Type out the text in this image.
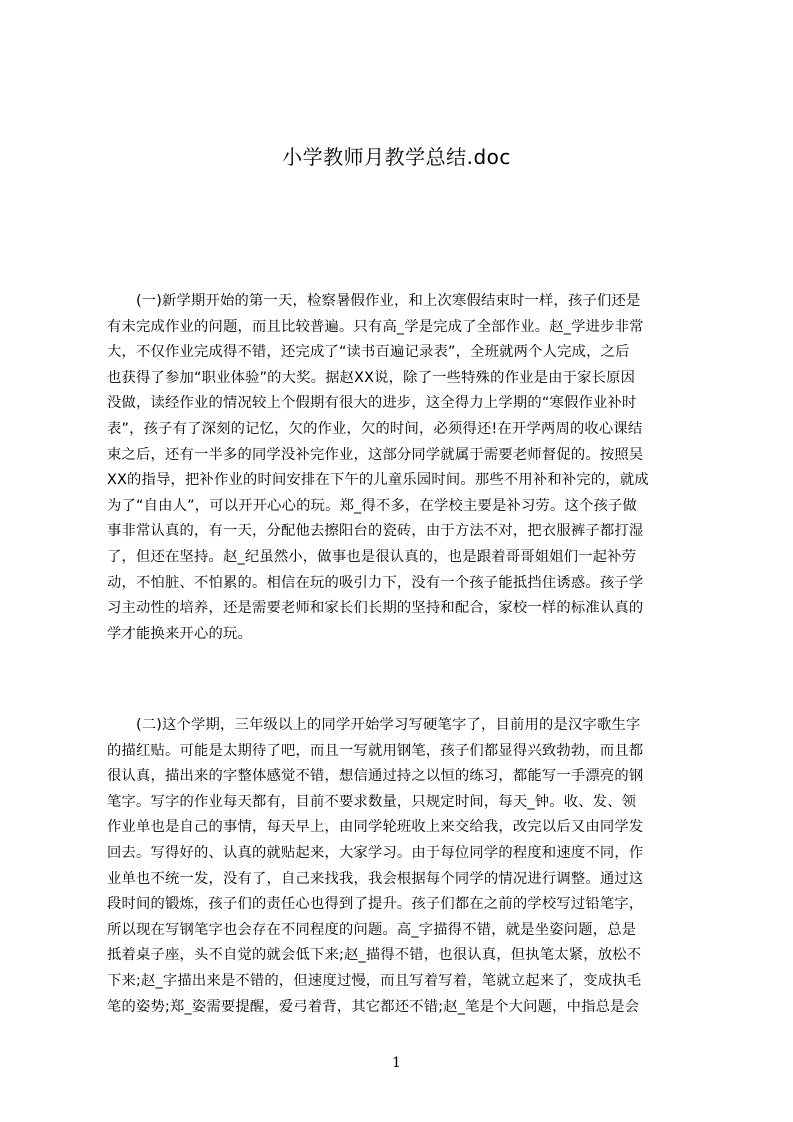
小学教师月教学总结.doc

(一)新学期开始的第一天，检察暑假作业，和上次寒假结束时一样，孩子们还是
有未完成作业的问题，而且比较普遍。只有高_学是完成了全部作业。赵_学进步非常
大，不仅作业完成得不错，还完成了“读书百遍记录表”，全班就两个人完成，之后
也获得了参加“职业体验”的大奖。据赵XX说，除了一些特殊的作业是由于家长原因
没做，读经作业的情况较上个假期有很大的进步，这全得力上学期的“寒假作业补时
表”，孩子有了深刻的记忆，欠的作业，欠的时间，必须得还!在开学两周的收心课结
束之后，还有一半多的同学没补完作业，这部分同学就属于需要老师督促的。按照吴
XX的指导，把补作业的时间安排在下午的儿童乐园时间。那些不用补和补完的，就成
为了“自由人”，可以开开心心的玩。郑_得不多，在学校主要是补习劳。这个孩子做
事非常认真的，有一天，分配他去擦阳台的瓷砖，由于方法不对，把衣服裤子都打湿
了，但还在坚持。赵_纪虽然小，做事也是很认真的，也是跟着哥哥姐姐们一起补劳
动，不怕脏、不怕累的。相信在玩的吸引力下，没有一个孩子能抵挡住诱惑。孩子学
习主动性的培养，还是需要老师和家长们长期的坚持和配合，家校一样的标准认真的
学才能换来开心的玩。

(二)这个学期，三年级以上的同学开始学习写硬笔字了，目前用的是汉字歌生字
的描红贴。可能是太期待了吧，而且一写就用钢笔，孩子们都显得兴致勃勃，而且都
很认真，描出来的字整体感觉不错，想信通过持之以恒的练习，都能写一手漂亮的钢
笔字。写字的作业每天都有，目前不要求数量，只规定时间，每天_钟。收、发、领
作业单也是自己的事情，每天早上，由同学轮班收上来交给我，改完以后又由同学发
回去。写得好的、认真的就贴起来，大家学习。由于每位同学的程度和速度不同，作
业单也不统一发，没有了，自己来找我，我会根据每个同学的情况进行调整。通过这
段时间的锻炼，孩子们的责任心也得到了提升。孩子们都在之前的学校写过铅笔字，
所以现在写钢笔字也会存在不同程度的问题。高_字描得不错，就是坐姿问题，总是
抵着桌子座，头不自觉的就会低下来;赵_描得不错，也很认真，但执笔太紧，放松不
下来;赵_字描出来是不错的，但速度过慢，而且写着写着，笔就立起来了，变成执毛
笔的姿势;郑_姿需要提醒，爱弓着背，其它都还不错;赵_笔是个大问题，中指总是会

1
